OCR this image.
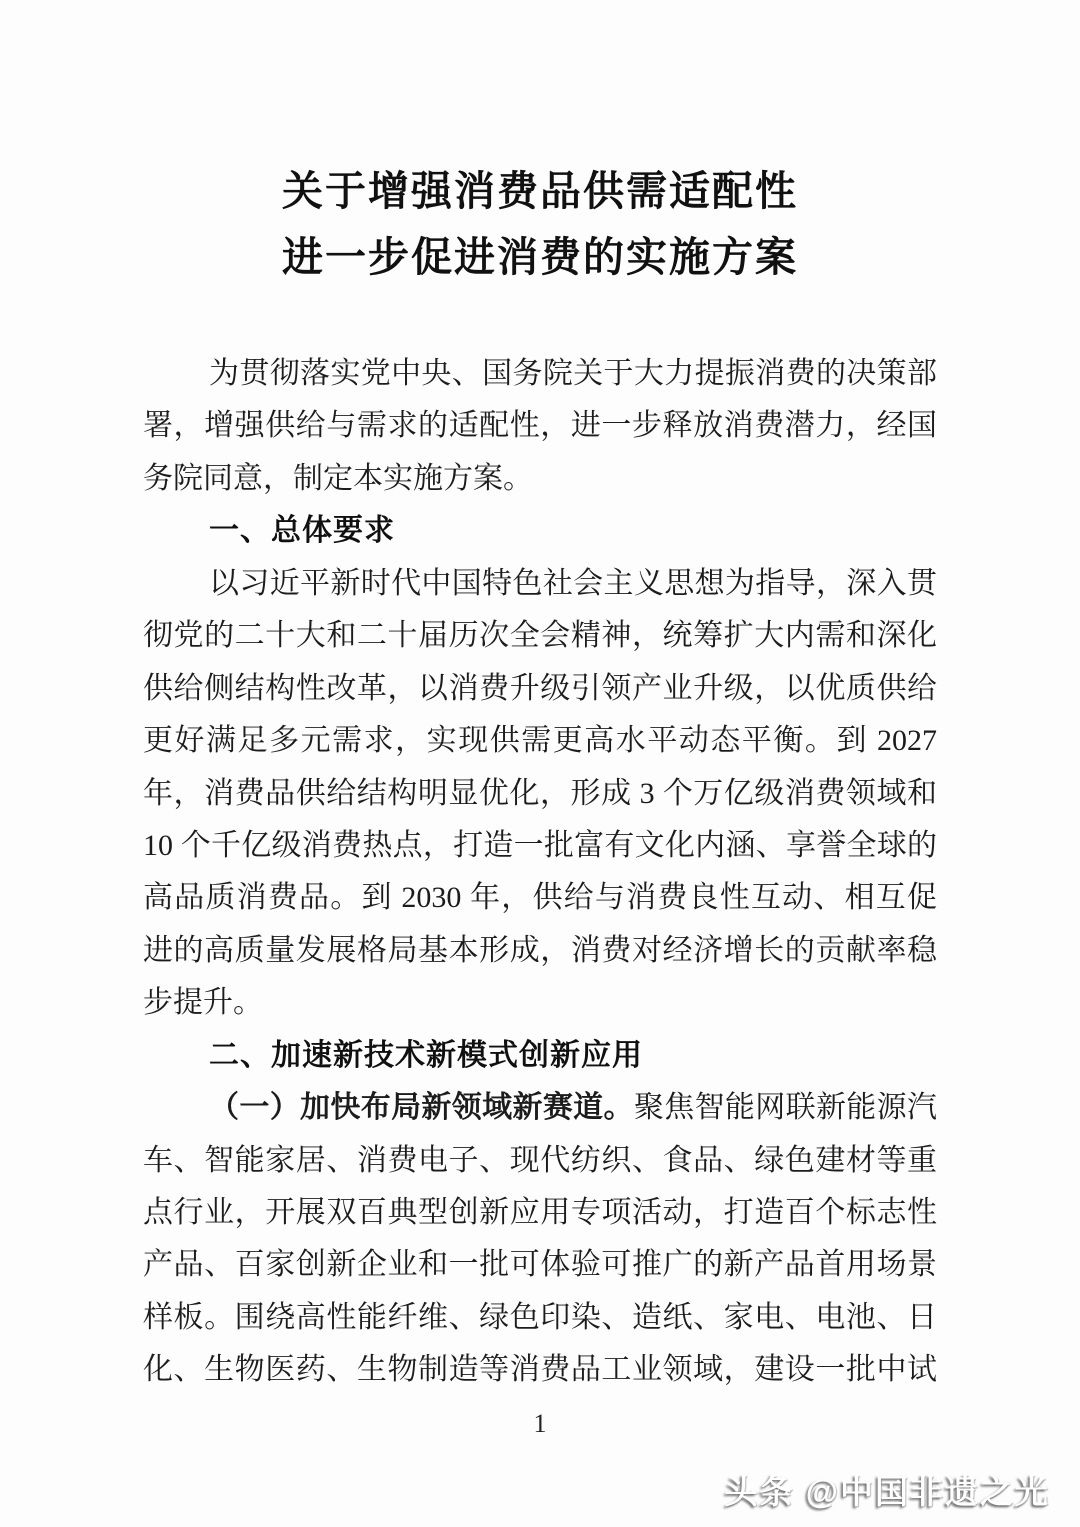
关于增强消费品供需适配性
进一步促进消费的实施方案
为贯彻落实党中央、国务院关于大力提振消费的决策部
署，增强供给与需求的适配性，进一步释放消费潜力，经国
务院同意，制定本实施方案。
一、总体要求
以习近平新时代中国特色社会主义思想为指导，深入贯
彻党的二十大和二十届历次全会精神，统筹扩大内需和深化
供给侧结构性改革，以消费升级引领产业升级，以优质供给
更好满足多元需求，实现供需更高水平动态平衡。到 2027
年，消费品供给结构明显优化，形成 3 个万亿级消费领域和
10 个千亿级消费热点，打造一批富有文化内涵、享誉全球的
高品质消费品。到 2030 年，供给与消费良性互动、相互促
进的高质量发展格局基本形成，消费对经济增长的贡献率稳
步提升。
二、加速新技术新模式创新应用
（一）加快布局新领域新赛道。聚焦智能网联新能源汽
车、智能家居、消费电子、现代纺织、食品、绿色建材等重
点行业，开展双百典型创新应用专项活动，打造百个标志性
产品、百家创新企业和一批可体验可推广的新产品首用场景
样板。围绕高性能纤维、绿色印染、造纸、家电、电池、日
化、生物医药、生物制造等消费品工业领域，建设一批中试
1
头条 @中国非遗之光
